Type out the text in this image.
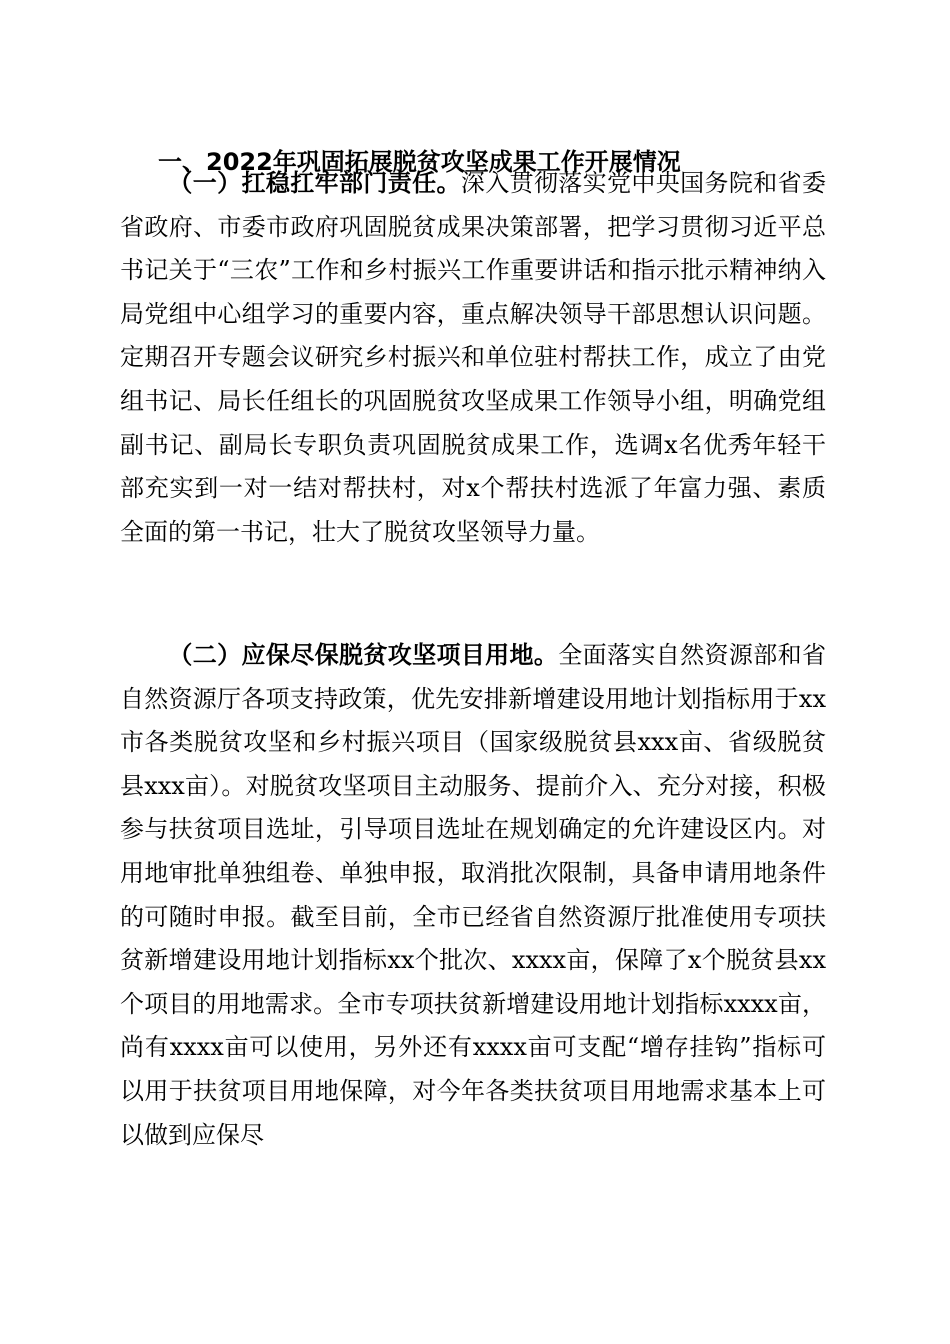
一、2022年巩固拓展脱贫攻坚成果工作开展情况

（一）扛稳扛牢部门责任。深入贯彻落实党中央国务院和省委省政府、市委市政府巩固脱贫成果决策部署，把学习贯彻习近平总书记关于“三农”工作和乡村振兴工作重要讲话和指示批示精神纳入局党组中心组学习的重要内容，重点解决领导干部思想认识问题。定期召开专题会议研究乡村振兴和单位驻村帮扶工作，成立了由党组书记、局长任组长的巩固脱贫攻坚成果工作领导小组，明确党组副书记、副局长专职负责巩固脱贫成果工作，选调x名优秀年轻干部充实到一对一结对帮扶村，对x个帮扶村选派了年富力强、素质全面的第一书记，壮大了脱贫攻坚领导力量。

（二）应保尽保脱贫攻坚项目用地。全面落实自然资源部和省自然资源厅各项支持政策，优先安排新增建设用地计划指标用于xx市各类脱贫攻坚和乡村振兴项目（国家级脱贫县xxx亩、省级脱贫县xxx亩）。对脱贫攻坚项目主动服务、提前介入、充分对接，积极参与扶贫项目选址，引导项目选址在规划确定的允许建设区内。对用地审批单独组卷、单独申报，取消批次限制，具备申请用地条件的可随时申报。截至目前，全市已经省自然资源厅批准使用专项扶贫新增建设用地计划指标xx个批次、xxxx亩，保障了x个脱贫县xx个项目的用地需求。全市专项扶贫新增建设用地计划指标xxxx亩，尚有xxxx亩可以使用，另外还有xxxx亩可支配“增存挂钩”指标可以用于扶贫项目用地保障，对今年各类扶贫项目用地需求基本上可以做到应保尽
